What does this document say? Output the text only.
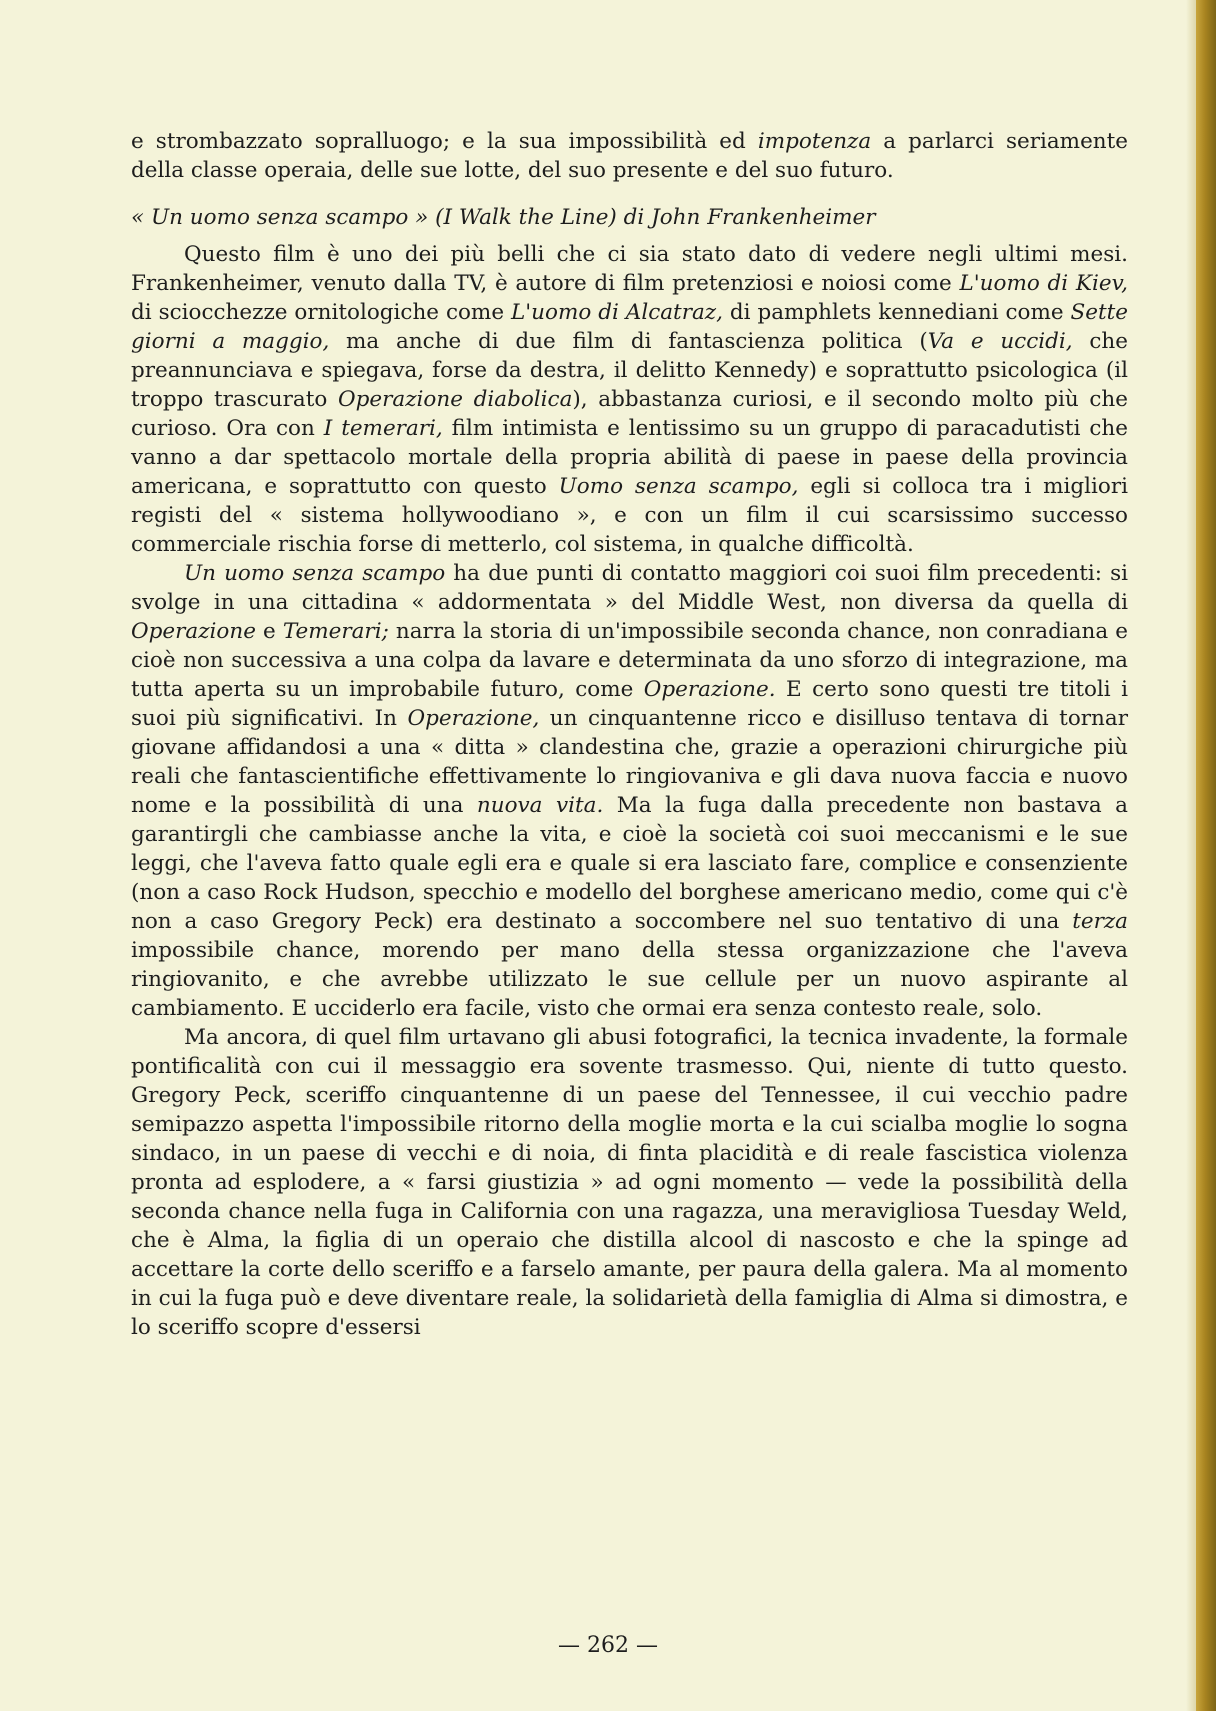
e strombazzato sopralluogo; e la sua impossibilità ed impotenza a parlarci seriamente della classe operaia, delle sue lotte, del suo presente e del suo futuro.

« Un uomo senza scampo » (I Walk the Line) di John Frankenheimer

Questo film è uno dei più belli che ci sia stato dato di vedere negli ultimi mesi. Frankenheimer, venuto dalla TV, è autore di film pretenziosi e noiosi come L'uomo di Kiev, di sciocchezze ornitologiche come L'uomo di Alcatraz, di pamphlets kennediani come Sette giorni a maggio, ma anche di due film di fantascienza politica (Va e uccidi, che preannunciava e spiegava, forse da destra, il delitto Kennedy) e soprattutto psicologica (il troppo trascurato Operazione diabolica), abbastanza curiosi, e il secondo molto più che curioso. Ora con I temerari, film intimista e lentissimo su un gruppo di paracadutisti che vanno a dar spettacolo mortale della propria abilità di paese in paese della provincia americana, e soprattutto con questo Uomo senza scampo, egli si colloca tra i migliori registi del « sistema hollywoodiano », e con un film il cui scarsissimo successo commerciale rischia forse di metterlo, col sistema, in qualche difficoltà.

Un uomo senza scampo ha due punti di contatto maggiori coi suoi film precedenti: si svolge in una cittadina « addormentata » del Middle West, non diversa da quella di Operazione e Temerari; narra la storia di un'impossibile seconda chance, non conradiana e cioè non successiva a una colpa da lavare e determinata da uno sforzo di integrazione, ma tutta aperta su un improbabile futuro, come Operazione. E certo sono questi tre titoli i suoi più significativi. In Operazione, un cinquantenne ricco e disilluso tentava di tornar giovane affidandosi a una « ditta » clandestina che, grazie a operazioni chirurgiche più reali che fantascientifiche effettivamente lo ringiovaniva e gli dava nuova faccia e nuovo nome e la possibilità di una nuova vita. Ma la fuga dalla precedente non bastava a garantirgli che cambiasse anche la vita, e cioè la società coi suoi meccanismi e le sue leggi, che l'aveva fatto quale egli era e quale si era lasciato fare, complice e consenziente (non a caso Rock Hudson, specchio e modello del borghese americano medio, come qui c'è non a caso Gregory Peck) era destinato a soccombere nel suo tentativo di una terza impossibile chance, morendo per mano della stessa organizzazione che l'aveva ringiovanito, e che avrebbe utilizzato le sue cellule per un nuovo aspirante al cambiamento. E ucciderlo era facile, visto che ormai era senza contesto reale, solo.

Ma ancora, di quel film urtavano gli abusi fotografici, la tecnica invadente, la formale pontificalità con cui il messaggio era sovente trasmesso. Qui, niente di tutto questo. Gregory Peck, sceriffo cinquantenne di un paese del Tennessee, il cui vecchio padre semipazzo aspetta l'impossibile ritorno della moglie morta e la cui scialba moglie lo sogna sindaco, in un paese di vecchi e di noia, di finta placidità e di reale fascistica violenza pronta ad esplodere, a « farsi giustizia » ad ogni momento — vede la possibilità della seconda chance nella fuga in California con una ragazza, una meravigliosa Tuesday Weld, che è Alma, la figlia di un operaio che distilla alcool di nascosto e che la spinge ad accettare la corte dello sceriffo e a farselo amante, per paura della galera. Ma al momento in cui la fuga può e deve diventare reale, la solidarietà della famiglia di Alma si dimostra, e lo sceriffo scopre d'essersi

— 262 —
